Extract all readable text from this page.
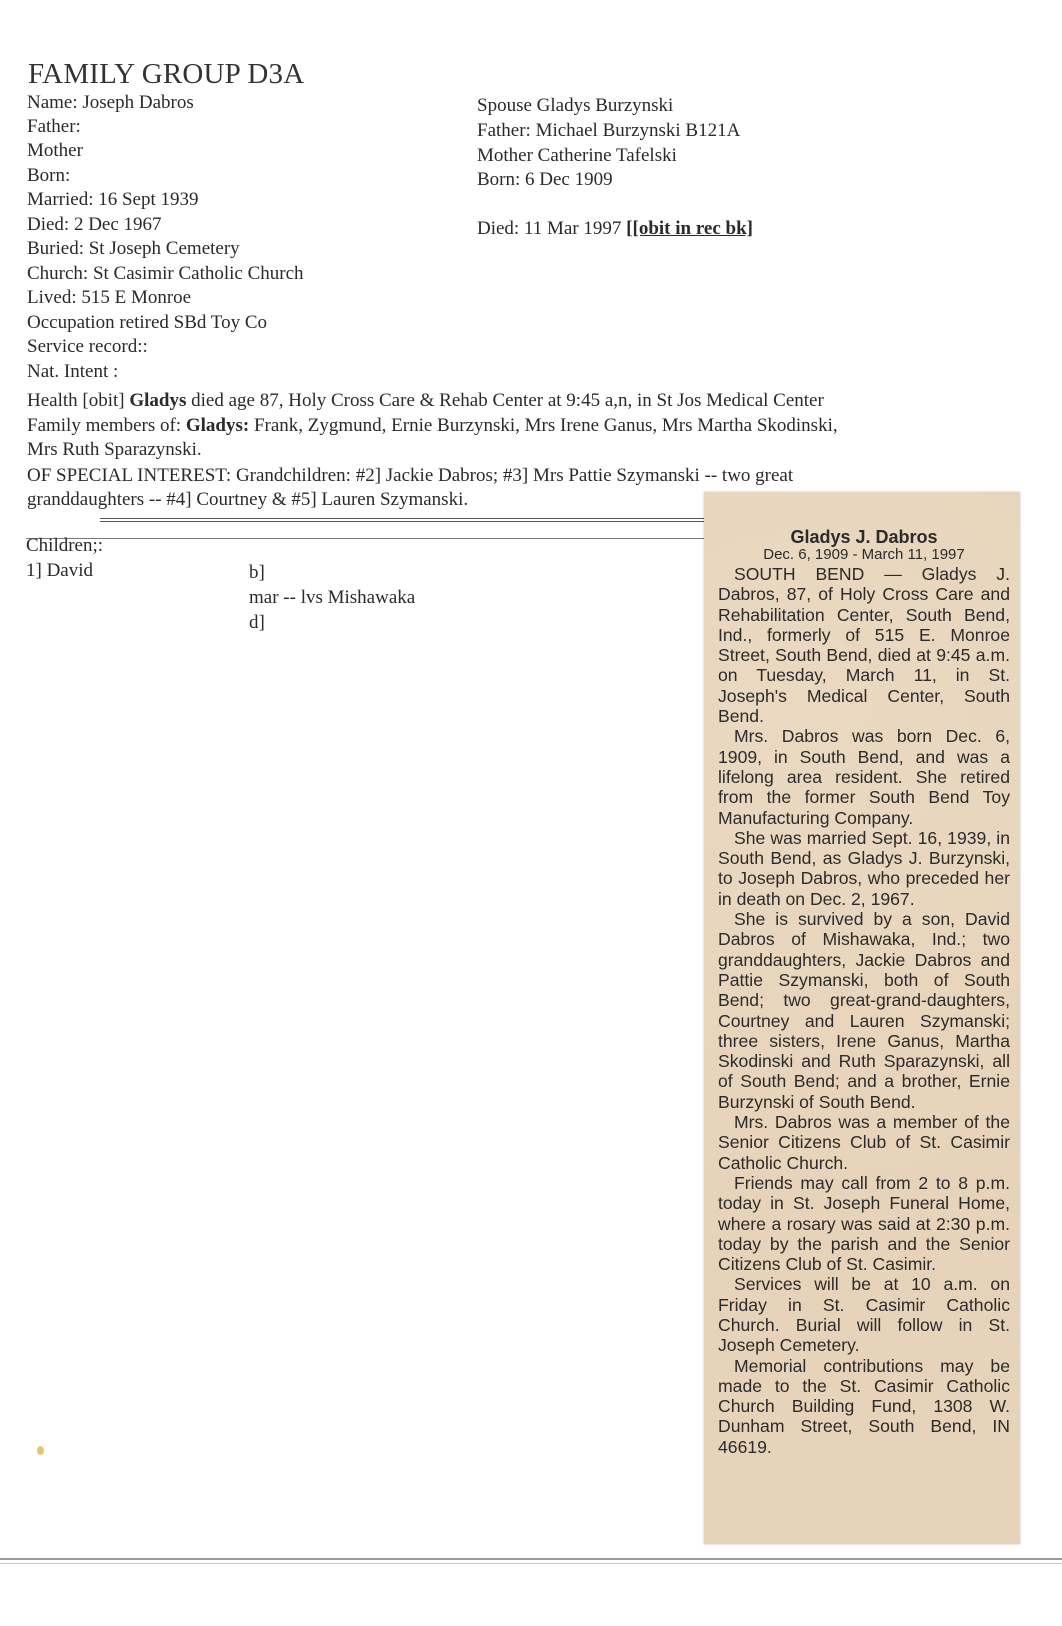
FAMILY GROUP D3A
Name: Joseph Dabros
Father:
Mother
Born:
Married: 16 Sept 1939
Died: 2 Dec 1967
Buried: St Joseph Cemetery
Church: St Casimir Catholic Church
Lived: 515 E Monroe
Occupation retired SBd Toy Co
Service record::
Nat. Intent :
Spouse Gladys Burzynski
Father: Michael Burzynski B121A
Mother Catherine Tafelski
Born: 6 Dec 1909
Died: 11 Mar 1997 [[obit in rec bk]
Health [obit] Gladys died age 87, Holy Cross Care & Rehab Center at 9:45 a,n, in St Jos Medical Center
Family members of: Gladys: Frank, Zygmund, Ernie Burzynski, Mrs Irene Ganus, Mrs Martha Skodinski,
Mrs Ruth Sparazynski.
OF SPECIAL INTEREST: Grandchildren: #2] Jackie Dabros; #3] Mrs Pattie Szymanski -- two great
granddaughters -- #4] Courtney & #5] Lauren Szymanski.
Children;:
1] David	b]
mar -- lvs Mishawaka
d]
Gladys J. Dabros
Dec. 6, 1909 - March 11, 1997

SOUTH BEND — Gladys J. Dabros, 87, of Holy Cross Care and Rehabilitation Center, South Bend, Ind., formerly of 515 E. Monroe Street, South Bend, died at 9:45 a.m. on Tuesday, March 11, in St. Joseph's Medical Center, South Bend.

Mrs. Dabros was born Dec. 6, 1909, in South Bend, and was a lifelong area resident. She retired from the former South Bend Toy Manufacturing Company.

She was married Sept. 16, 1939, in South Bend, as Gladys J. Burzynski, to Joseph Dabros, who preceded her in death on Dec. 2, 1967.

She is survived by a son, David Dabros of Mishawaka, Ind.; two granddaughters, Jackie Dabros and Pattie Szymanski, both of South Bend; two great-grand-daughters, Courtney and Lauren Szymanski; three sisters, Irene Ganus, Martha Skodinski and Ruth Sparazynski, all of South Bend; and a brother, Ernie Burzynski of South Bend.

Mrs. Dabros was a member of the Senior Citizens Club of St. Casimir Catholic Church.

Friends may call from 2 to 8 p.m. today in St. Joseph Funeral Home, where a rosary was said at 2:30 p.m. today by the parish and the Senior Citizens Club of St. Casimir.

Services will be at 10 a.m. on Friday in St. Casimir Catholic Church. Burial will follow in St. Joseph Cemetery.

Memorial contributions may be made to the St. Casimir Catholic Church Building Fund, 1308 W. Dunham Street, South Bend, IN 46619.
